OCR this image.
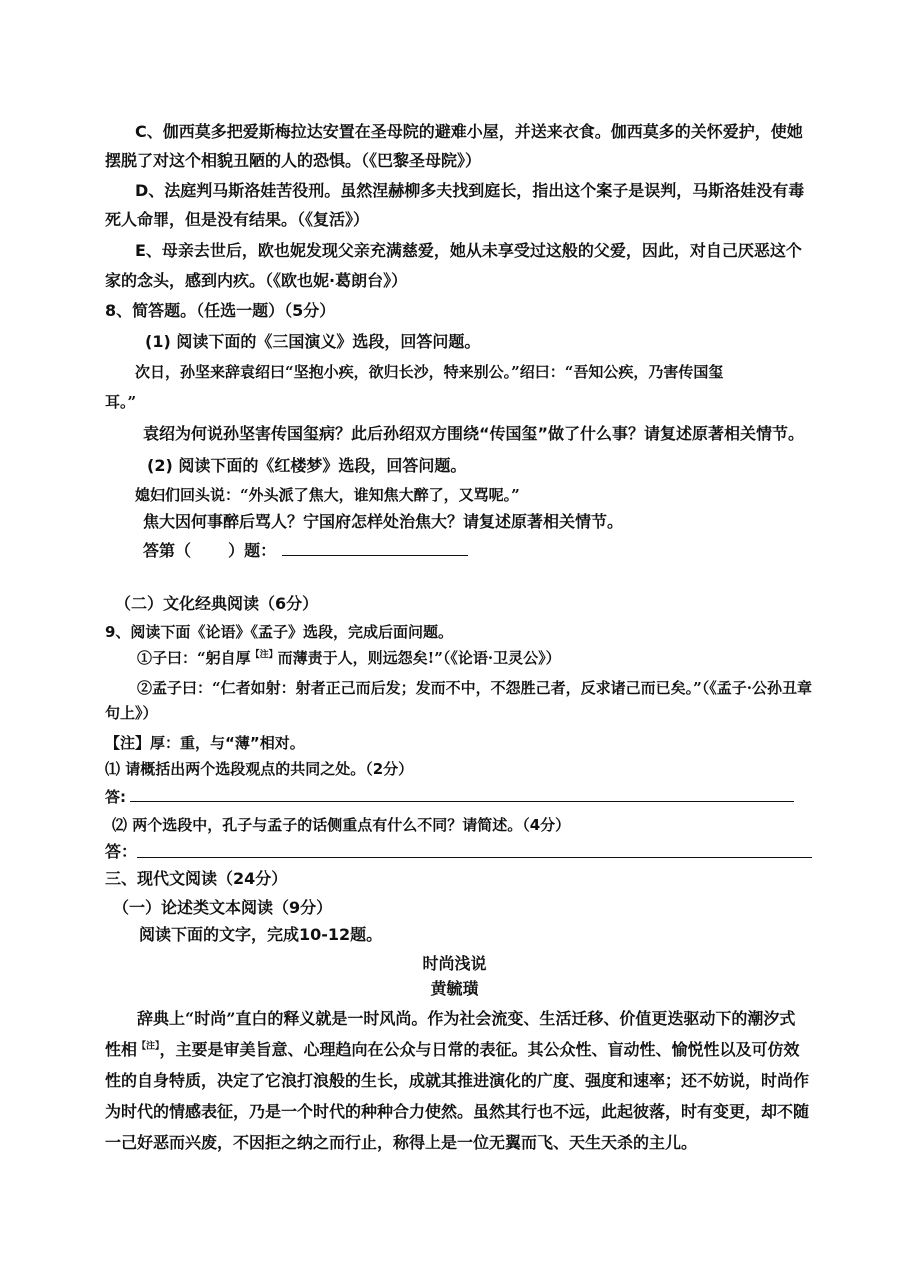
C、伽西莫多把爱斯梅拉达安置在圣母院的避难小屋，并送来衣食。伽西莫多的关怀爱护，使她
摆脱了对这个相貌丑陋的人的恐惧。（《巴黎圣母院》）
D、法庭判马斯洛娃苦役刑。虽然涅赫柳多夫找到庭长，指出这个案子是误判，马斯洛娃没有毒
死人命罪，但是没有结果。（《复活》）
E、母亲去世后，欧也妮发现父亲充满慈爱，她从未享受过这般的父爱，因此，对自己厌恶这个
家的念头，感到内疚。（《欧也妮·葛朗台》）
8、简答题。（任选一题）（5分）
(1) 阅读下面的《三国演义》选段，回答问题。
次日，孙坚来辞袁绍曰“坚抱小疾，欲归长沙，特来别公。”绍曰：“吾知公疾，乃害传国玺
耳。”
袁绍为何说孙坚害传国玺病？此后孙绍双方围绕“传国玺”做了什么事？请复述原著相关情节。
(2) 阅读下面的《红楼梦》选段，回答问题。
媳妇们回头说：“外头派了焦大，谁知焦大醉了，又骂呢。”
焦大因何事醉后骂人？宁国府怎样处治焦大？请复述原著相关情节。
答第（ ）题：
（二）文化经典阅读（6分）
9、阅读下面《论语》《孟子》选段，完成后面问题。
①子曰：“躬自厚$^{【注】}$而薄责于人，则远怨矣!”（《论语·卫灵公》）
②孟子曰：“仁者如射：射者正己而后发；发而不中，不怨胜己者，反求诸己而已矣。”（《孟子·公孙丑章
句上》）
【注】厚：重，与“薄”相对。
⑴ 请概括出两个选段观点的共同之处。（2分）
答:
⑵ 两个选段中，孔子与孟子的话侧重点有什么不同？请简述。（4分）
答：
三、现代文阅读（24分）
（一）论述类文本阅读（9分）
阅读下面的文字，完成10-12题。
时尚浅说
黄毓璜
辞典上“时尚”直白的释义就是一时风尚。作为社会流变、生活迁移、价值更迭驱动下的潮汐式
性相$^{【注】}$，主要是审美旨意、心理趋向在公众与日常的表征。其公众性、盲动性、愉悦性以及可仿效
性的自身特质，决定了它浪打浪般的生长，成就其推进演化的广度、强度和速率；还不妨说，时尚作
为时代的情感表征，乃是一个时代的种种合力使然。虽然其行也不远，此起彼落，时有变更，却不随
一己好恶而兴废，不因拒之纳之而行止，称得上是一位无翼而飞、天生天杀的主儿。
